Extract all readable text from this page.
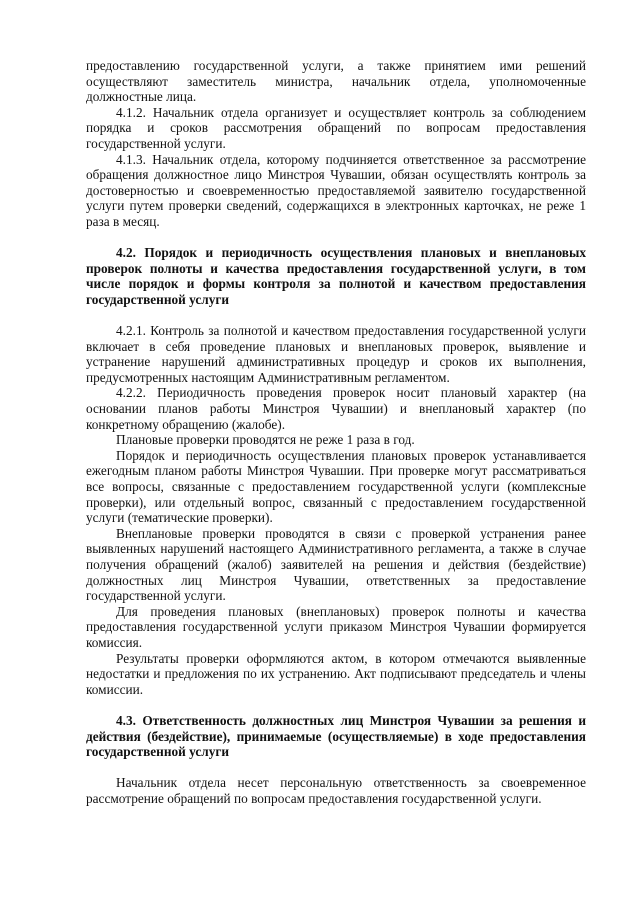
предоставлению государственной услуги, а также принятием ими решений осуществляют заместитель министра, начальник отдела, уполномоченные должностные лица.

4.1.2. Начальник отдела организует и осуществляет контроль за соблюдением порядка и сроков рассмотрения обращений по вопросам предоставления государственной услуги.

4.1.3. Начальник отдела, которому подчиняется ответственное за рассмотрение обращения должностное лицо Минстроя Чувашии, обязан осуществлять контроль за достоверностью и своевременностью предоставляемой заявителю государственной услуги путем проверки сведений, содержащихся в электронных карточках, не реже 1 раза в месяц.

4.2. Порядок и периодичность осуществления плановых и внеплановых проверок полноты и качества предоставления государственной услуги, в том числе порядок и формы контроля за полнотой и качеством предоставления государственной услуги

4.2.1. Контроль за полнотой и качеством предоставления государственной услуги включает в себя проведение плановых и внеплановых проверок, выявление и устранение нарушений административных процедур и сроков их выполнения, предусмотренных настоящим Административным регламентом.

4.2.2. Периодичность проведения проверок носит плановый характер (на основании планов работы Минстроя Чувашии) и внеплановый характер (по конкретному обращению (жалобе).

Плановые проверки проводятся не реже 1 раза в год.

Порядок и периодичность осуществления плановых проверок устанавливается ежегодным планом работы Минстроя Чувашии. При проверке могут рассматриваться все вопросы, связанные с предоставлением государственной услуги (комплексные проверки), или отдельный вопрос, связанный с предоставлением государственной услуги (тематические проверки).

Внеплановые проверки проводятся в связи с проверкой устранения ранее выявленных нарушений настоящего Административного регламента, а также в случае получения обращений (жалоб) заявителей на решения и действия (бездействие) должностных лиц Минстроя Чувашии, ответственных за предоставление государственной услуги.

Для проведения плановых (внеплановых) проверок полноты и качества предоставления государственной услуги приказом Минстроя Чувашии формируется комиссия.

Результаты проверки оформляются актом, в котором отмечаются выявленные недостатки и предложения по их устранению. Акт подписывают председатель и члены комиссии.

4.3. Ответственность должностных лиц Минстроя Чувашии за решения и действия (бездействие), принимаемые (осуществляемые) в ходе предоставления государственной услуги

Начальник отдела несет персональную ответственность за своевременное рассмотрение обращений по вопросам предоставления государственной услуги.
